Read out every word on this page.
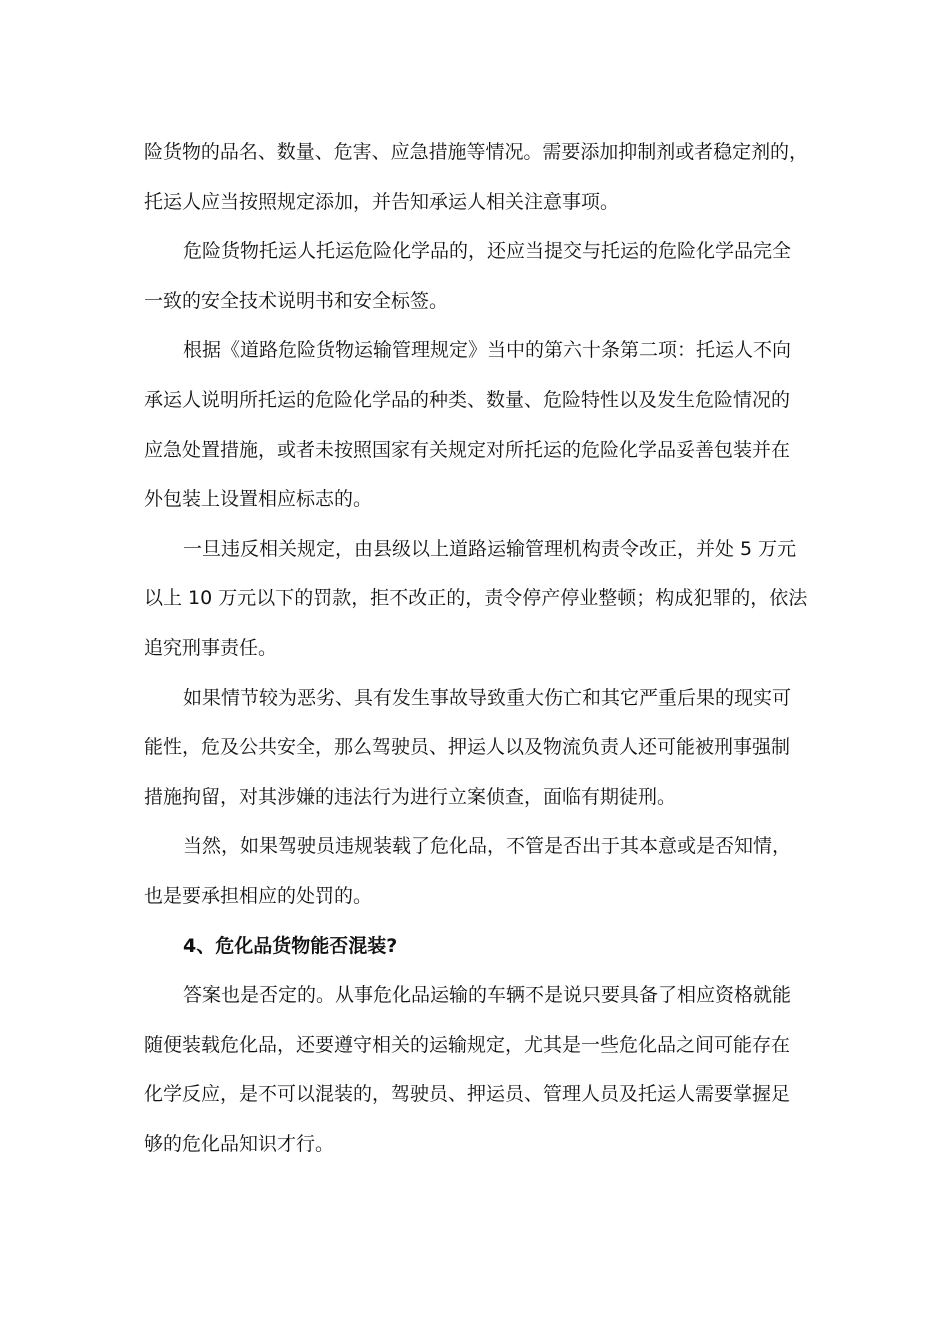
险货物的品名、数量、危害、应急措施等情况。需要添加抑制剂或者稳定剂的，
托运人应当按照规定添加，并告知承运人相关注意事项。
危险货物托运人托运危险化学品的，还应当提交与托运的危险化学品完全
一致的安全技术说明书和安全标签。
根据《道路危险货物运输管理规定》当中的第六十条第二项：托运人不向
承运人说明所托运的危险化学品的种类、数量、危险特性以及发生危险情况的
应急处置措施，或者未按照国家有关规定对所托运的危险化学品妥善包装并在
外包装上设置相应标志的。
一旦违反相关规定，由县级以上道路运输管理机构责令改正，并处 5 万元
以上 10 万元以下的罚款，拒不改正的，责令停产停业整顿；构成犯罪的，依法
追究刑事责任。
如果情节较为恶劣、具有发生事故导致重大伤亡和其它严重后果的现实可
能性，危及公共安全，那么驾驶员、押运人以及物流负责人还可能被刑事强制
措施拘留，对其涉嫌的违法行为进行立案侦查，面临有期徒刑。
当然，如果驾驶员违规装载了危化品，不管是否出于其本意或是否知情，
也是要承担相应的处罚的。
4、危化品货物能否混装?
答案也是否定的。从事危化品运输的车辆不是说只要具备了相应资格就能
随便装载危化品，还要遵守相关的运输规定，尤其是一些危化品之间可能存在
化学反应，是不可以混装的，驾驶员、押运员、管理人员及托运人需要掌握足
够的危化品知识才行。
